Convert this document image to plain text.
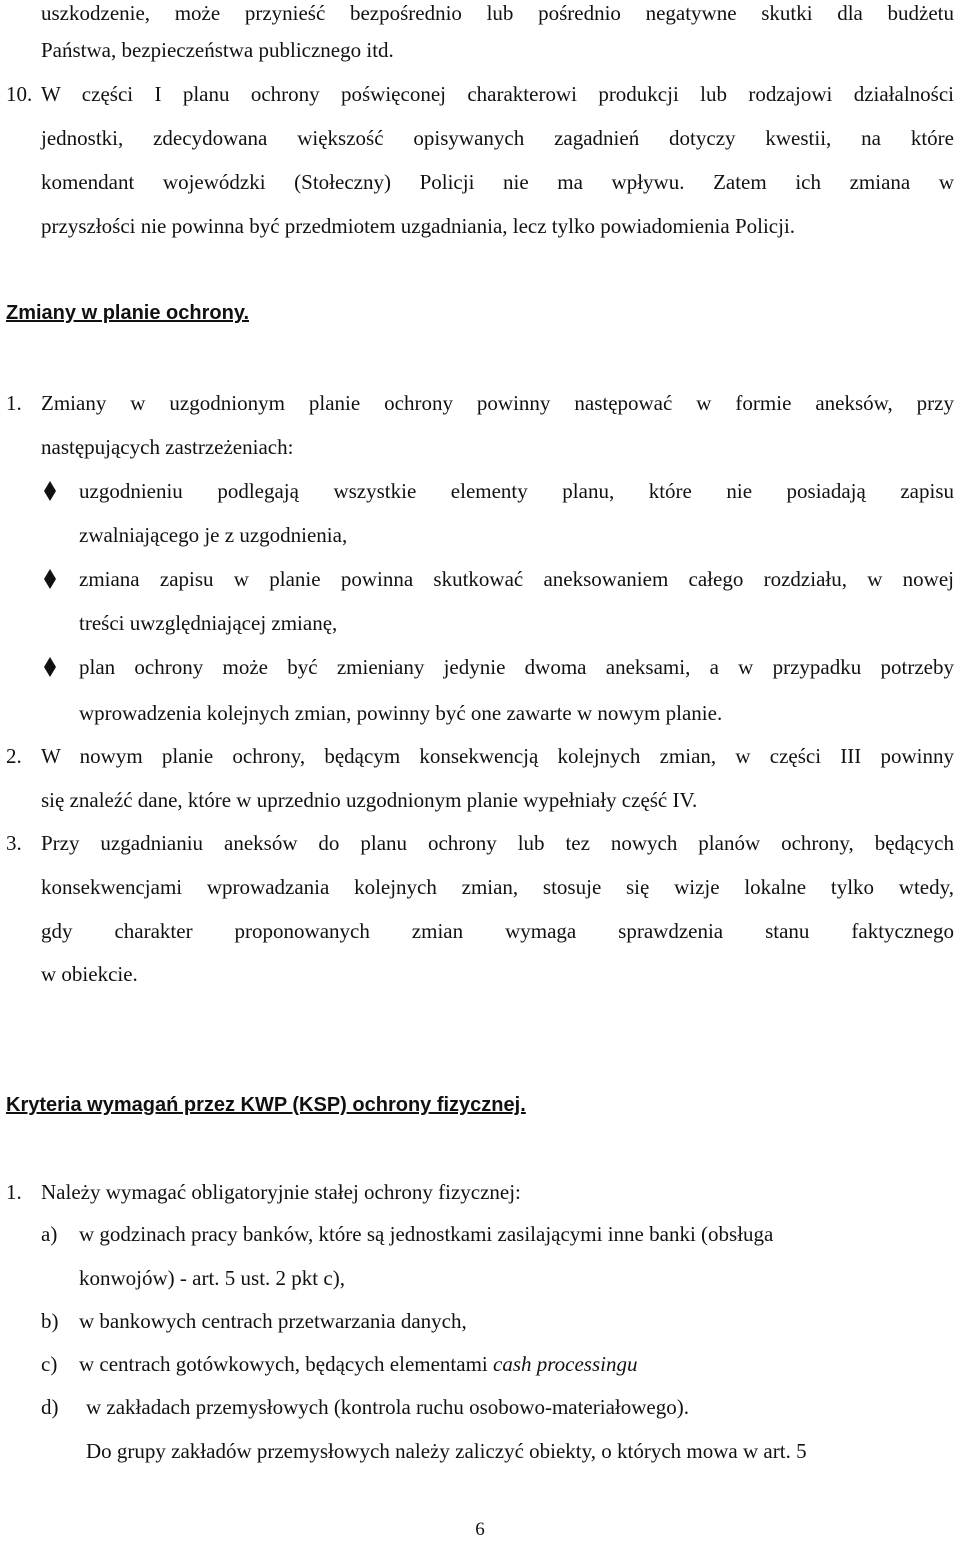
uszkodzenie, może przynieść bezpośrednio lub pośrednio negatywne skutki dla budżetu
Państwa, bezpieczeństwa publicznego itd.
10. W części I planu ochrony poświęconej charakterowi produkcji lub rodzajowi działalności
jednostki, zdecydowana większość opisywanych zagadnień dotyczy kwestii, na które
komendant wojewódzki (Stołeczny) Policji nie ma wpływu. Zatem ich zmiana w
przyszłości nie powinna być przedmiotem uzgadniania, lecz tylko powiadomienia Policji.
Zmiany w planie ochrony.
1. Zmiany w uzgodnionym planie ochrony powinny następować w formie aneksów, przy
następujących zastrzeżeniach:
uzgodnieniu podlegają wszystkie elementy planu, które nie posiadają zapisu
zwalniającego je z uzgodnienia,
zmiana zapisu w planie powinna skutkować aneksowaniem całego rozdziału, w nowej
treści uwzględniającej zmianę,
plan ochrony może być zmieniany jedynie dwoma aneksami, a w przypadku potrzeby
wprowadzenia kolejnych zmian, powinny być one zawarte w nowym planie.
2. W nowym planie ochrony, będącym konsekwencją kolejnych zmian, w części III powinny
się znaleźć dane, które w uprzednio uzgodnionym planie wypełniały część IV.
3. Przy uzgadnianiu aneksów do planu ochrony lub tez nowych planów ochrony, będących
konsekwencjami wprowadzania kolejnych zmian, stosuje się wizje lokalne tylko wtedy,
gdy charakter proponowanych zmian wymaga sprawdzenia stanu faktycznego
w obiekcie.
Kryteria wymagań przez KWP (KSP) ochrony fizycznej.
1. Należy wymagać obligatoryjnie stałej ochrony fizycznej:
a) w godzinach pracy banków, które są jednostkami zasilającymi inne banki (obsługa
konwojów) - art. 5 ust. 2 pkt c),
b) w bankowych centrach przetwarzania danych,
c) w centrach gotówkowych, będących elementami cash processingu
d) w zakładach przemysłowych (kontrola ruchu osobowo-materiałowego).
Do grupy zakładów przemysłowych należy zaliczyć obiekty, o których mowa w art. 5
6
